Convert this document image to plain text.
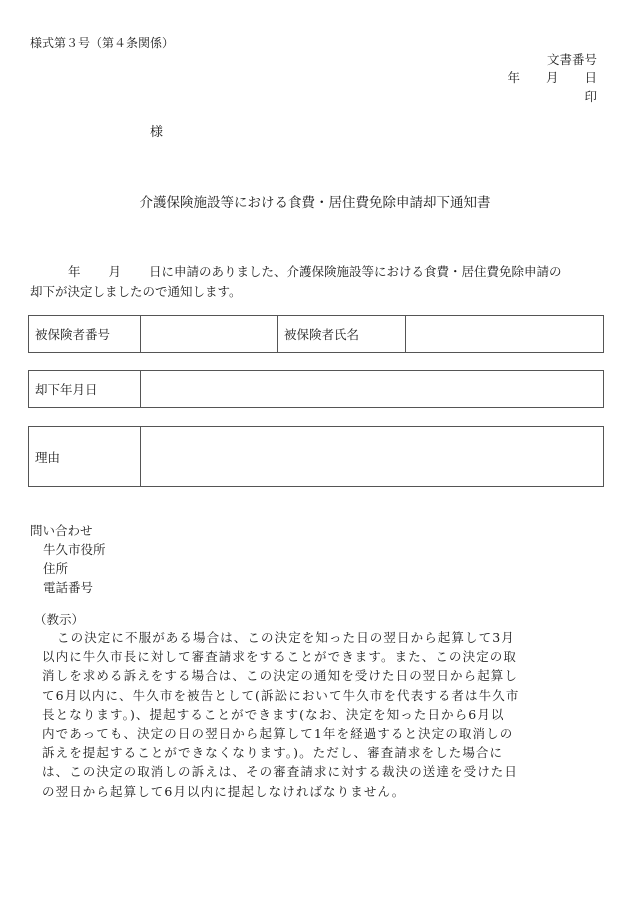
様式第３号（第４条関係）
文書番号
年 月 日
印
様
介護保険施設等における食費・居住費免除申請却下通知書
年 月 日に申請のありました、介護保険施設等における食費・居住費免除申請の
却下が決定しましたので通知します。
被保険者番号		被保険者氏名	
却下年月日	
理由	
問い合わせ
牛久市役所
住所
電話番号
（教示）
この決定に不服がある場合は、この決定を知った日の翌日から起算して3月
以内に牛久市長に対して審査請求をすることができます。また、この決定の取
消しを求める訴えをする場合は、この決定の通知を受けた日の翌日から起算し
て6月以内に、牛久市を被告として(訴訟において牛久市を代表する者は牛久市
長となります。)、提起することができます(なお、決定を知った日から6月以
内であっても、決定の日の翌日から起算して1年を経過すると決定の取消しの
訴えを提起することができなくなります。)。ただし、審査請求をした場合に
は、この決定の取消しの訴えは、その審査請求に対する裁決の送達を受けた日
の翌日から起算して6月以内に提起しなければなりません。
